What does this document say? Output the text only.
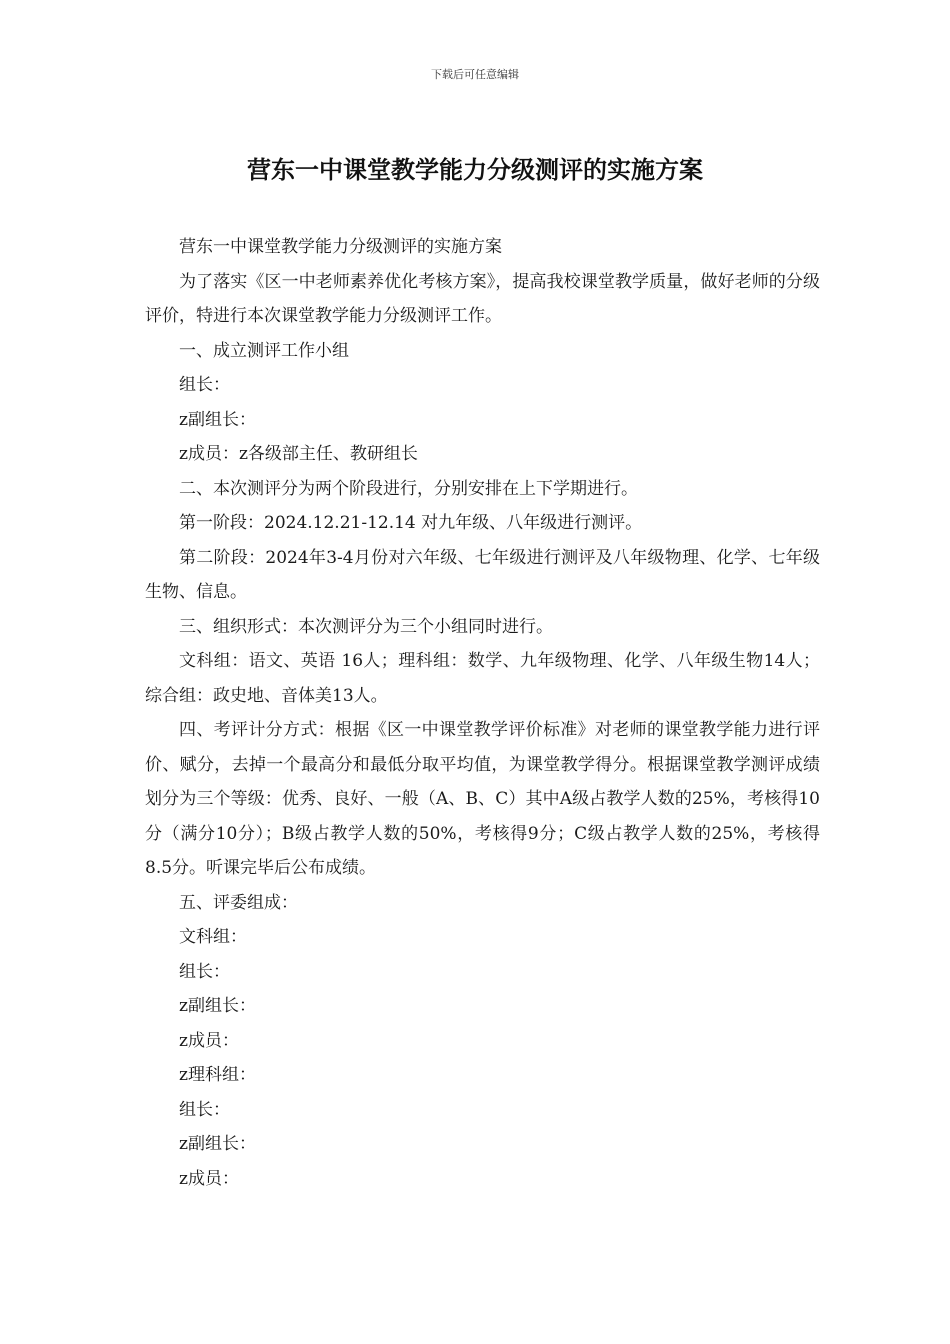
下载后可任意编辑
营东一中课堂教学能力分级测评的实施方案

营东一中课堂教学能力分级测评的实施方案

为了落实《区一中老师素养优化考核方案》，提高我校课堂教学质量，做好老师的分级评价，特进行本次课堂教学能力分级测评工作。

一、成立测评工作小组

组长：

z副组长：

z成员：z各级部主任、教研组长

二、本次测评分为两个阶段进行，分别安排在上下学期进行。

第一阶段：2024.12.21-12.14 对九年级、八年级进行测评。

第二阶段：2024年3-4月份对六年级、七年级进行测评及八年级物理、化学、七年级生物、信息。

三、组织形式：本次测评分为三个小组同时进行。

文科组：语文、英语 16人；理科组：数学、九年级物理、化学、八年级生物14人；综合组：政史地、音体美13人。

四、考评计分方式：根据《区一中课堂教学评价标准》对老师的课堂教学能力进行评价、赋分，去掉一个最高分和最低分取平均值，为课堂教学得分。根据课堂教学测评成绩划分为三个等级：优秀、良好、一般（A、B、C）其中A级占教学人数的25%，考核得10分（满分10分）；B级占教学人数的50%，考核得9分；C级占教学人数的25%，考核得8.5分。听课完毕后公布成绩。

五、评委组成：

文科组：

组长：

z副组长：

z成员：

z理科组：

组长：

z副组长：

z成员：
